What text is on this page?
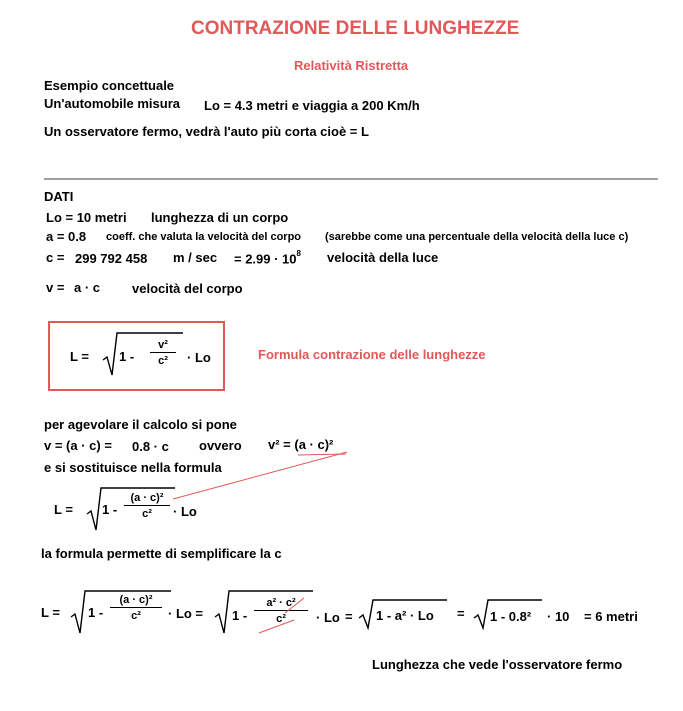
CONTRAZIONE DELLE LUNGHEZZE
Relatività Ristretta
Esempio concettuale
Un'automobile misura Lo = 4.3 metri e viaggia a 200 Km/h
Un osservatore fermo, vedrà l'auto più corta cioè = L
DATI
Lo = 10 metri lunghezza di un corpo
a = 0.8 coeff. che valuta la velocità del corpo (sarebbe come una percentuale della velocità della luce c)
c = 299 792 458 $m / \sec = 2.99 \cdot 10^8$ velocità della luce
v = a · c velocità del corpo
L = 1 -
v²
c² · Lo	Formula contrazione delle lunghezze
per agevolare il calcolo si pone
v = (a · c) = 0.8 · c ovvero v² = (a · c)²
e si sostituisce nella formula
L = 1 -
(a · c)²
c² · Lo
la formula permette di semplificare la c
L = 1 -
(a · c)²
c² · Lo = 1 -
a² · c²
c² · Lo = 1 - a² · Lo = 1 - 0.8² · 10 = 6 metri
Lunghezza che vede l'osservatore fermo
